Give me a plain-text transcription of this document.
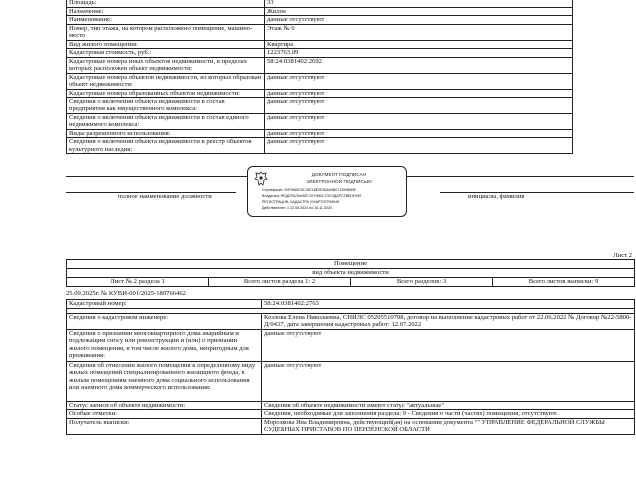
Площадь:	33
Назначение:	Жилое
Наименование:	данные отсутствуют
Номер, тип этажа, на котором расположено помещение, машино-место	Этаж № 6
Вид жилого помещения:	Квартира
Кадастровая стоимость, руб.:	1223763.09
Кадастровые номера иных объектов недвижимости, в пределах которых расположен объект недвижимости:	58:24:0381402:2692
Кадастровые номера объектов недвижимости, из которых образован объект недвижимости:	данные отсутствуют
Кадастровые номера образованных объектов недвижимости:	данные отсутствуют
Сведения о включении объекта недвижимости в состав предприятия как имущественного комплекса:	данные отсутствуют
Сведения о включении объекта недвижимости в состав единого недвижимого комплекса:	данные отсутствуют
Виды разрешенного использования:	данные отсутствуют
Сведения о включении объекта недвижимости в реестр объектов культурного наследия:	данные отсутствуют
полное наименование должности	инициалы, фамилия
ДОКУМЕНТ ПОДПИСАН
ЭЛЕКТРОННОЙ ПОДПИСЬЮ
Сертификат: 00F9565C5C48718E2E36A90B07130980BE
Владелец: ФЕДЕРАЛЬНАЯ СЛУЖБА ГОСУДАРСТВЕННОЙ
РЕГИСТРАЦИИ, КАДАСТРА И КАРТОГРАФИИ
Действителен: с 22.08.2024 по 15.11.2025
Лист 2
Помещение
вид объекта недвижимости
Лист № 2 раздела 1	Всего листов раздела 1: 2	Всего разделов: 3	Всего листов выписки: 9
25.09.2025г. № КУВИ-001/2025-180766462
Кадастровый номер:	58:24:0381402:2763

Сведения о кадастровом инженере:	Козлова Елена Николаевна, СНИЛС 05205510708, договор на выполнение кадастровых работ от 22.06.2022 № Договор №22-5800-Д/0437, дата завершения кадастровых работ: 12.07.2022
Сведения о признании многоквартирного дома аварийным и подлежащим сносу или реконструкции и (или) о признании жилого помещения, в том числе жилого дома, непригодным для проживания:	данные отсутствуют
Сведения об отнесении жилого помещения к определенному виду жилых помещений специализированного жилищного фонда, к жилым помещениям наемного дома социального использования или наемного дома коммерческого использования:	данные отсутствуют
Статус записи об объекте недвижимости:	Сведения об объекте недвижимости имеют статус "актуальные"
Особые отметки:	Сведения, необходимые для заполнения раздела: 9 - Сведения о части (частях) помещения, отсутствуют.
Получатель выписки:	Морозкова Яна Владимировна, действующий(ая) на основании документа "" УПРАВЛЕНИЕ ФЕДЕРАЛЬНОЙ СЛУЖБЫ СУДЕБНЫХ ПРИСТАВОВ ПО ПЕНЗЕНСКОЙ ОБЛАСТИ
